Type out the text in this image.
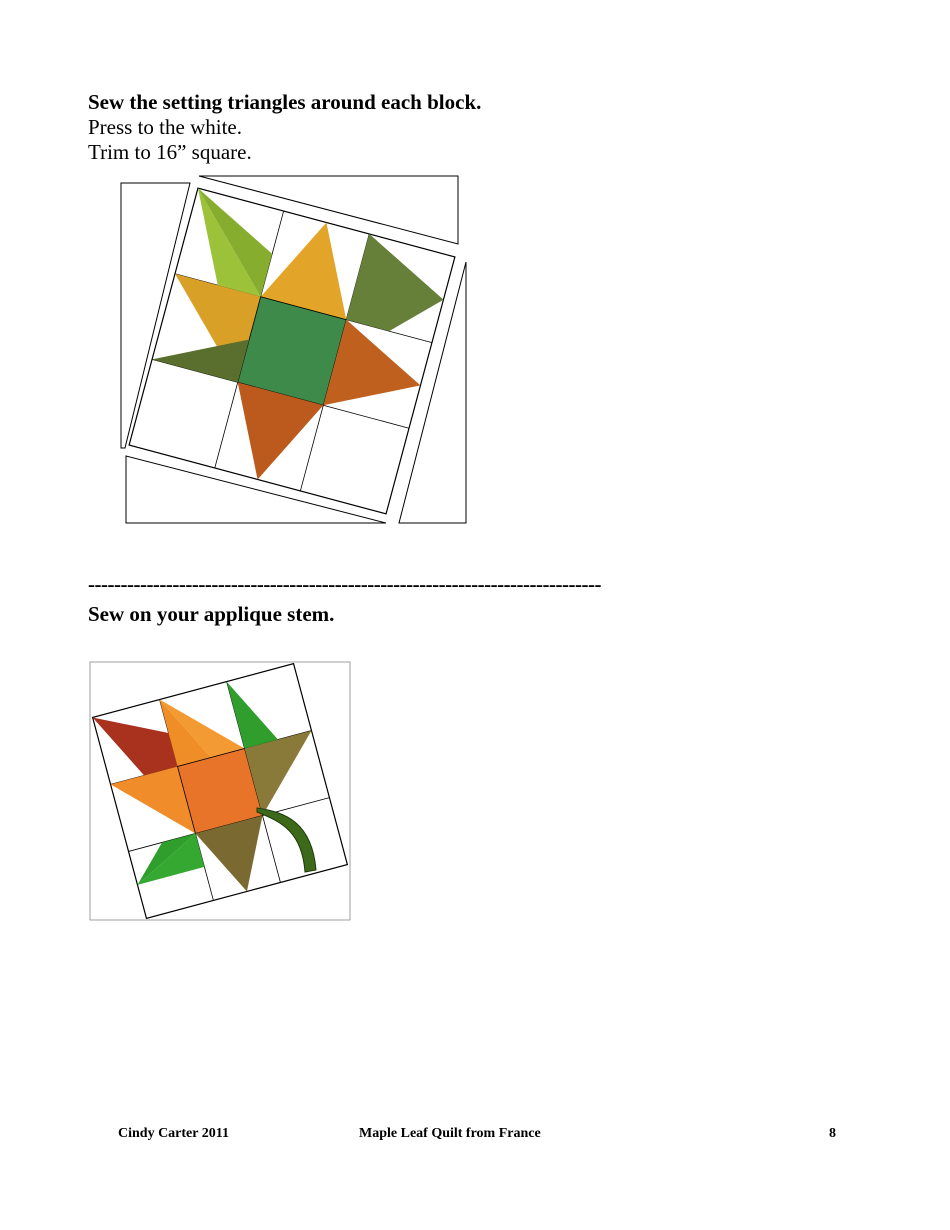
Sew the setting triangles around each block.
Press to the white.
Trim to 16” square.
-------------------------------------------------------------------------------
Sew on your applique stem.
Cindy Carter 2011	Maple Leaf Quilt from France	8
